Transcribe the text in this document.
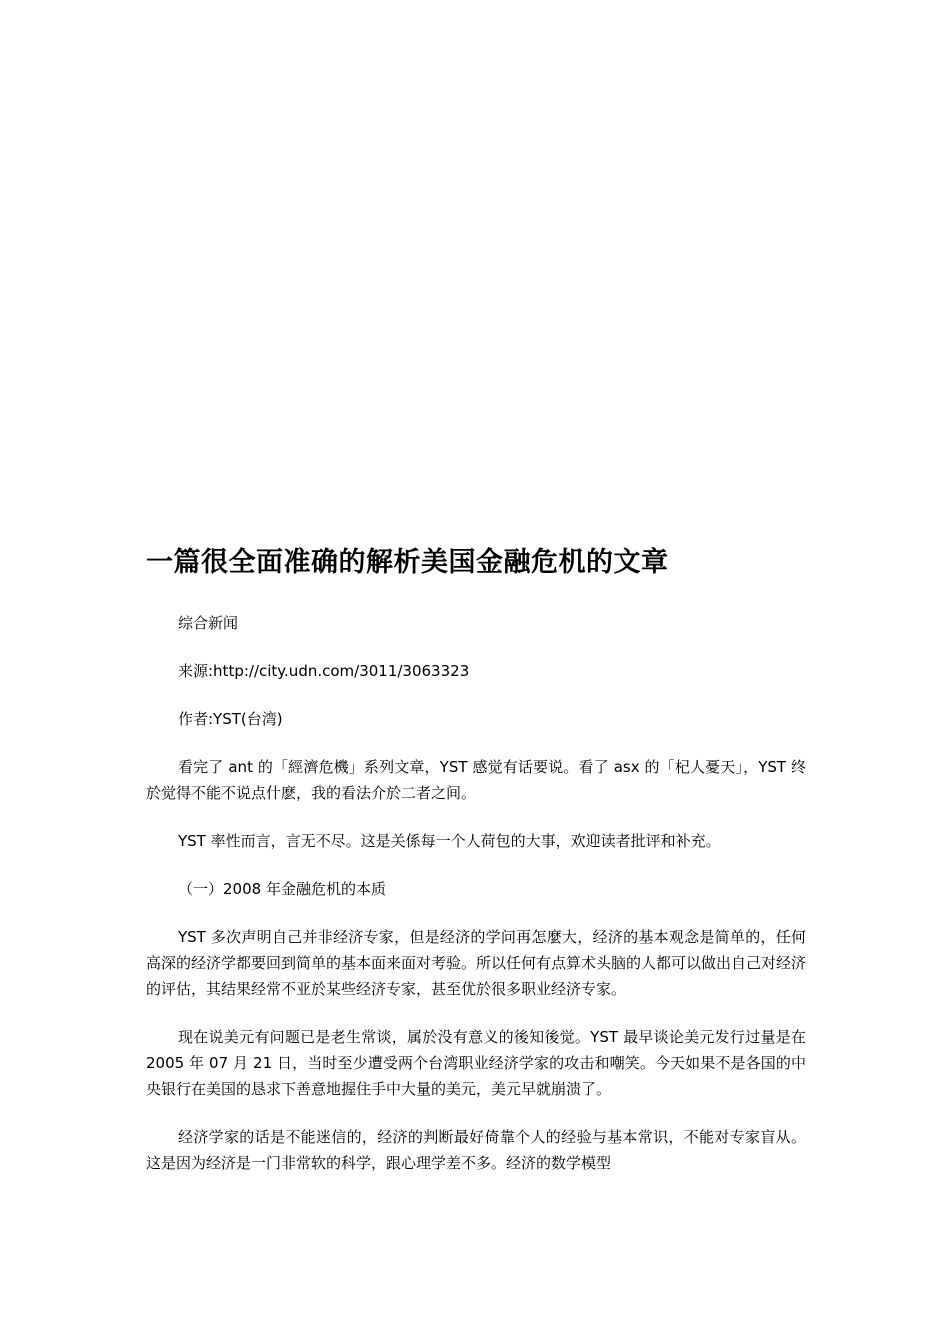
一篇很全面准确的解析美国金融危机的文章
综合新闻
来源:http://city.udn.com/3011/3063323
作者:YST(台湾)
看完了 ant 的「經濟危機」系列文章，YST 感觉有话要说。看了 asx 的「杞人憂天」，YST 终於觉得不能不说点什麽，我的看法介於二者之间。
YST 率性而言，言无不尽。这是关係每一个人荷包的大事，欢迎读者批评和补充。
（一）2008 年金融危机的本质
YST 多次声明自己并非经济专家，但是经济的学问再怎麼大，经济的基本观念是简单的，任何高深的经济学都要回到简单的基本面来面对考验。所以任何有点算术头脑的人都可以做出自己对经济的评估，其结果经常不亚於某些经济专家，甚至优於很多职业经济专家。
现在说美元有问题已是老生常谈，属於没有意义的後知後觉。YST 最早谈论美元发行过量是在 2005 年 07 月 21 日，当时至少遭受两个台湾职业经济学家的攻击和嘲笑。今天如果不是各国的中央银行在美国的恳求下善意地握住手中大量的美元，美元早就崩溃了。
经济学家的话是不能迷信的，经济的判断最好倚靠个人的经验与基本常识，不能对专家盲从。这是因为经济是一门非常软的科学，跟心理学差不多。经济的数学模型
